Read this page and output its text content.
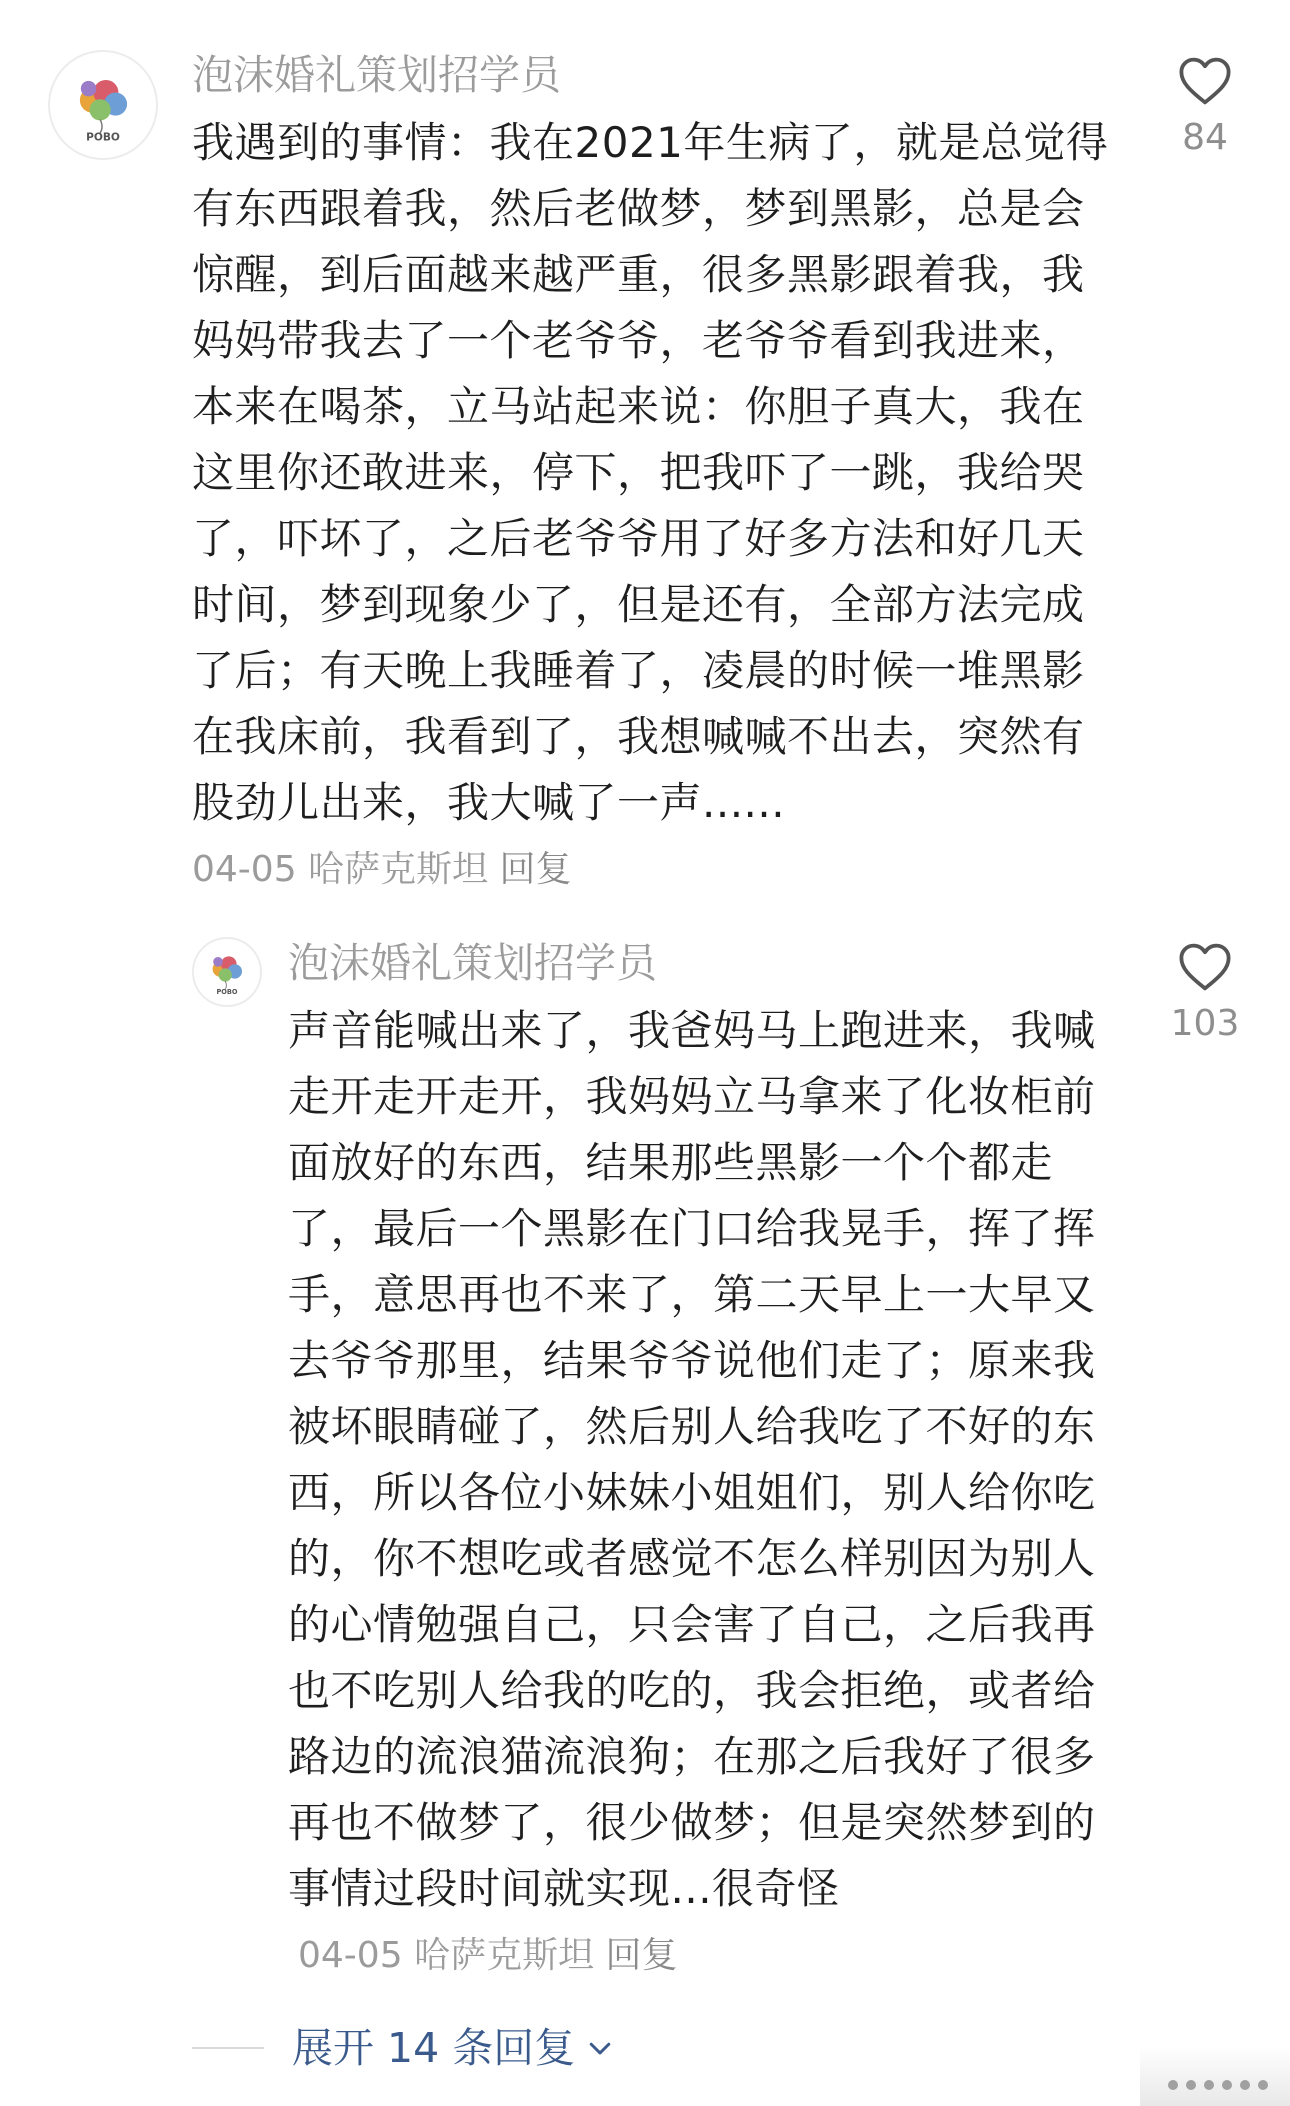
POBO
泡沫婚礼策划招学员
我遇到的事情：我在2021年生病了，就是总觉得
有东西跟着我，然后老做梦，梦到黑影，总是会
惊醒，到后面越来越严重，很多黑影跟着我，我
妈妈带我去了一个老爷爷，老爷爷看到我进来，
本来在喝茶，立马站起来说：你胆子真大，我在
这里你还敢进来，停下，把我吓了一跳，我给哭
了，吓坏了，之后老爷爷用了好多方法和好几天
时间，梦到现象少了，但是还有，全部方法完成
了后；有天晚上我睡着了，凌晨的时候一堆黑影
在我床前，我看到了，我想喊喊不出去，突然有
股劲儿出来，我大喊了一声......
04-05 哈萨克斯坦 回复
84
POBO
泡沫婚礼策划招学员
声音能喊出来了，我爸妈马上跑进来，我喊
走开走开走开，我妈妈立马拿来了化妆柜前
面放好的东西，结果那些黑影一个个都走
了，最后一个黑影在门口给我晃手，挥了挥
手，意思再也不来了，第二天早上一大早又
去爷爷那里，结果爷爷说他们走了；原来我
被坏眼睛碰了，然后别人给我吃了不好的东
西，所以各位小妹妹小姐姐们，别人给你吃
的，你不想吃或者感觉不怎么样别因为别人
的心情勉强自己，只会害了自己，之后我再
也不吃别人给我的吃的，我会拒绝，或者给
路边的流浪猫流浪狗；在那之后我好了很多
再也不做梦了，很少做梦；但是突然梦到的
事情过段时间就实现...很奇怪
04-05 哈萨克斯坦 回复
103
展开 14 条回复
